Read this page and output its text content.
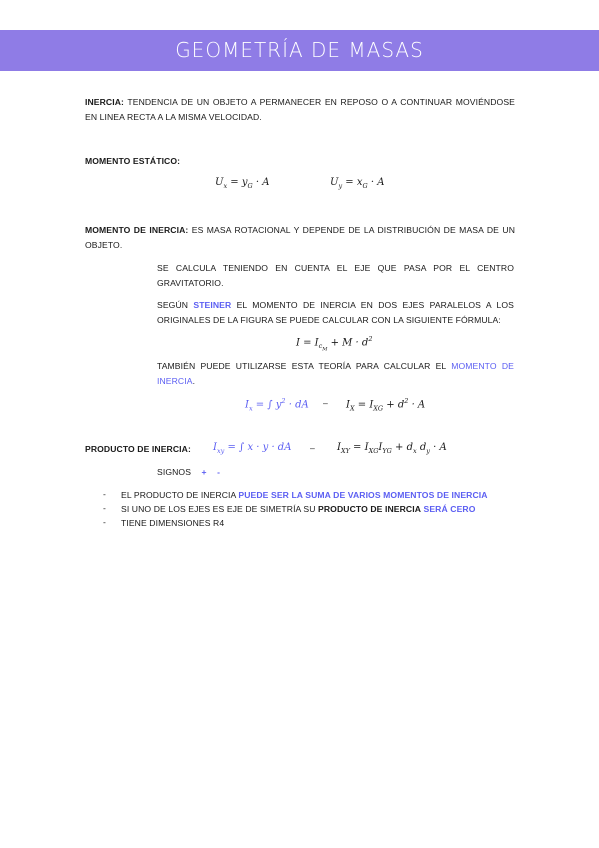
GEOMETRÍA DE MASAS
INERCIA: TENDENCIA DE UN OBJETO A PERMANECER EN REPOSO O A CONTINUAR MOVIÉNDOSE EN LINEA RECTA A LA MISMA VELOCIDAD.
MOMENTO ESTÁTICO:
$U_x = y_G \cdot A$	$U_y = x_G \cdot A$
MOMENTO DE INERCIA: ES MASA ROTACIONAL Y DEPENDE DE LA DISTRIBUCIÓN DE MASA DE UN OBJETO.
SE CALCULA TENIENDO EN CUENTA EL EJE QUE PASA POR EL CENTRO GRAVITATORIO.
SEGÚN STEINER EL MOMENTO DE INERCIA EN DOS EJES PARALELOS A LOS ORIGINALES DE LA FIGURA SE PUEDE CALCULAR CON LA SIGUIENTE FÓRMULA:
$I = I_{c_M} + M \cdot d^2$
TAMBIÉN PUEDE UTILIZARSE ESTA TEORÍA PARA CALCULAR EL MOMENTO DE INERCIA.
$I_x$ = ∫ $y^2$ · dA – $I_X = I_{XG} + d^2 \cdot A$
PRODUCTO DE INERCIA: $I_{xy}$ = ∫ x · y · dA – $I_{XY} = I_{XG}I_{YG} + d_x$ $d_y \cdot A$
SIGNOS + -
- EL PRODUCTO DE INERCIA PUEDE SER LA SUMA DE VARIOS MOMENTOS DE INERCIA
- SI UNO DE LOS EJES ES EJE DE SIMETRÍA SU PRODUCTO DE INERCIA SERÁ CERO
- TIENE DIMENSIONES R4
